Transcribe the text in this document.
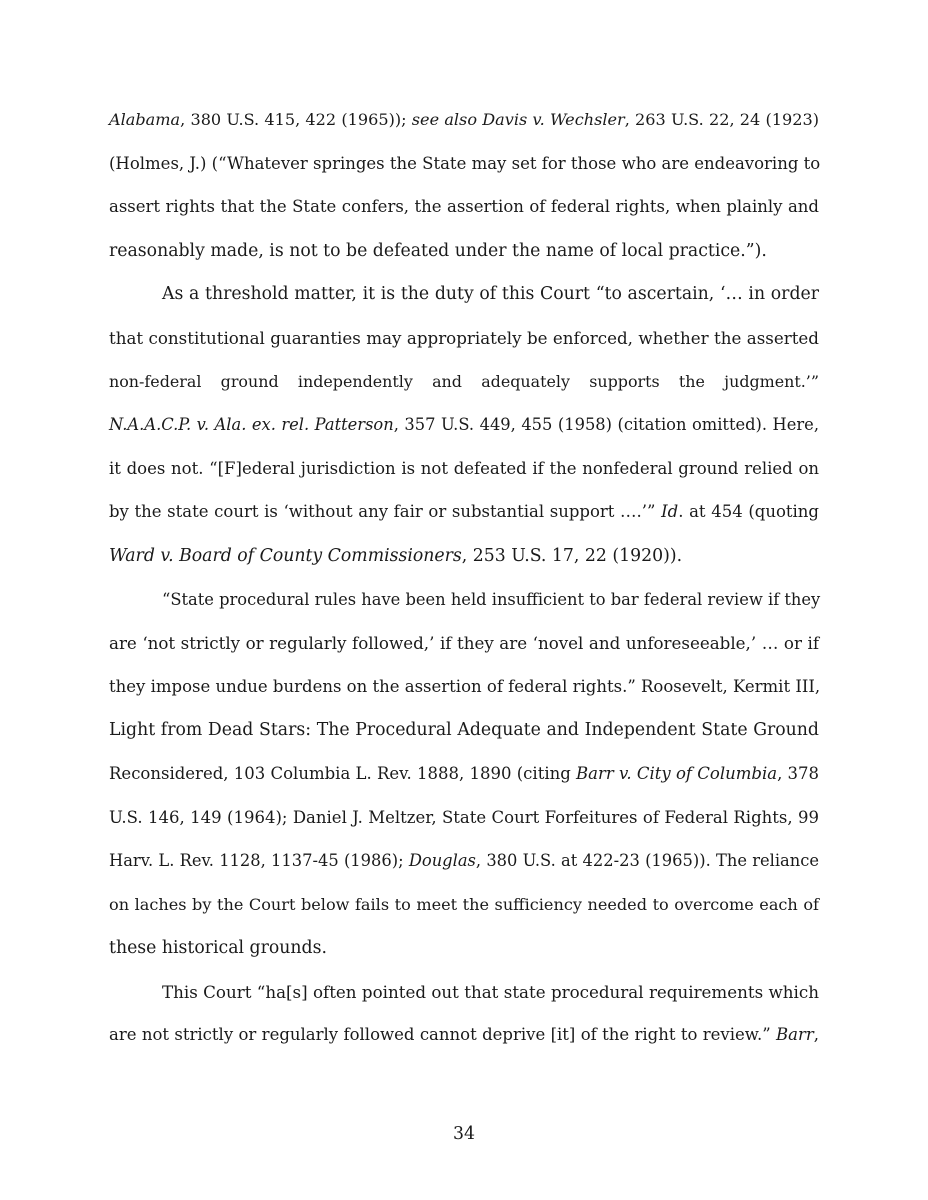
Alabama, 380 U.S. 415, 422 (1965)); see also Davis v. Wechsler, 263 U.S. 22, 24 (1923)
(Holmes, J.) (“Whatever springes the State may set for those who are endeavoring to
assert rights that the State confers, the assertion of federal rights, when plainly and
reasonably made, is not to be defeated under the name of local practice.”).
As a threshold matter, it is the duty of this Court “to ascertain, ‘… in order
that constitutional guaranties may appropriately be enforced, whether the asserted
non-federal ground independently and adequately supports the judgment.’”
N.A.A.C.P. v. Ala. ex. rel. Patterson, 357 U.S. 449, 455 (1958) (citation omitted). Here,
it does not. “[F]ederal jurisdiction is not defeated if the nonfederal ground relied on
by the state court is ‘without any fair or substantial support ….’” Id. at 454 (quoting
Ward v. Board of County Commissioners, 253 U.S. 17, 22 (1920)).
“State procedural rules have been held insufficient to bar federal review if they
are ‘not strictly or regularly followed,’ if they are ‘novel and unforeseeable,’ … or if
they impose undue burdens on the assertion of federal rights.” Roosevelt, Kermit III,
Light from Dead Stars: The Procedural Adequate and Independent State Ground
Reconsidered, 103 Columbia L. Rev. 1888, 1890 (citing Barr v. City of Columbia, 378
U.S. 146, 149 (1964); Daniel J. Meltzer, State Court Forfeitures of Federal Rights, 99
Harv. L. Rev. 1128, 1137-45 (1986); Douglas, 380 U.S. at 422-23 (1965)). The reliance
on laches by the Court below fails to meet the sufficiency needed to overcome each of
these historical grounds.
This Court “ha[s] often pointed out that state procedural requirements which
are not strictly or regularly followed cannot deprive [it] of the right to review.” Barr,
34
